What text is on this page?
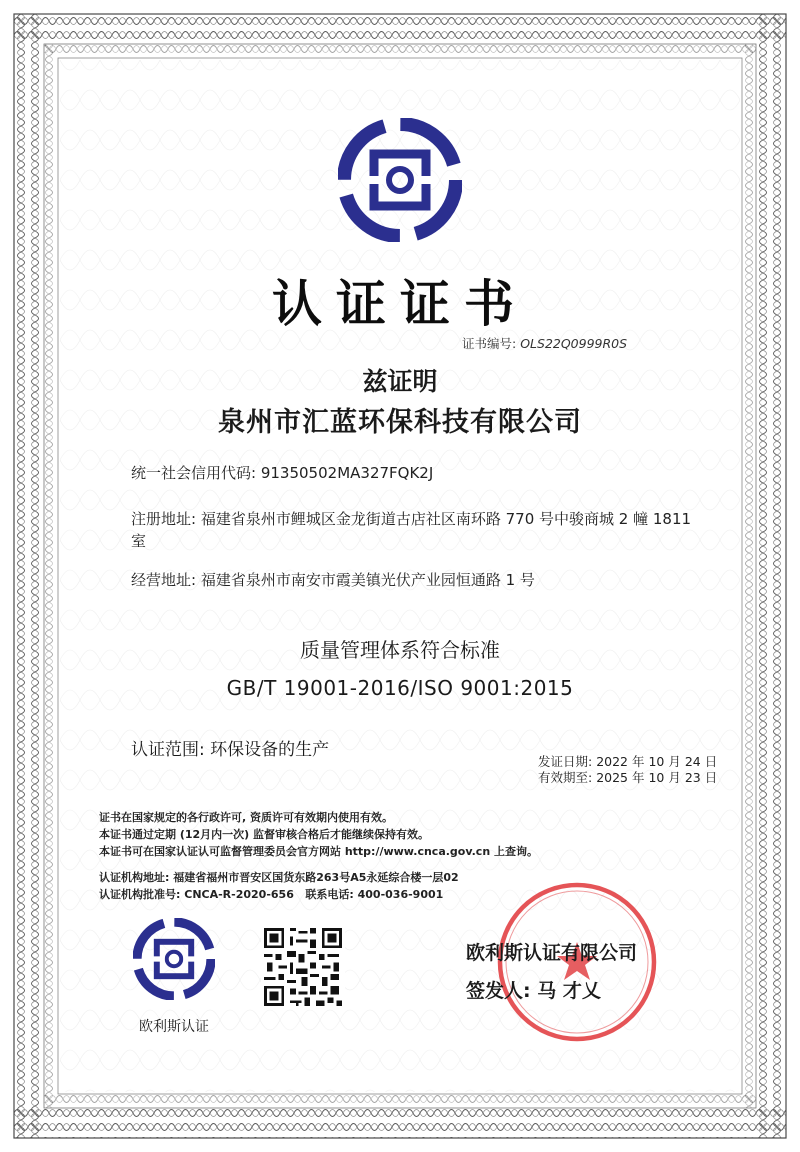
认证证书
证书编号: OLS22Q0999R0S
兹证明
泉州市汇蓝环保科技有限公司
统一社会信用代码: 91350502MA327FQK2J
注册地址: 福建省泉州市鲤城区金龙街道古店社区南环路 770 号中骏商城 2 幢 1811 室
经营地址: 福建省泉州市南安市霞美镇光伏产业园恒通路 1 号
质量管理体系符合标准
GB/T 19001-2016/ISO 9001:2015
认证范围: 环保设备的生产
发证日期: 2022 年 10 月 24 日
有效期至: 2025 年 10 月 23 日
证书在国家规定的各行政许可, 资质许可有效期内使用有效。
本证书通过定期 (12月内一次) 监督审核合格后才能继续保持有效。
本证书可在国家认证认可监督管理委员会官方网站 http://www.cnca.gov.cn 上查询。
认证机构地址: 福建省福州市晋安区国货东路263号A5永延综合楼一层02
认证机构批准号: CNCA-R-2020-656 联系电话: 400-036-9001
欧利斯认证
欧利斯认证有限公司
签发人: 马 才乂
